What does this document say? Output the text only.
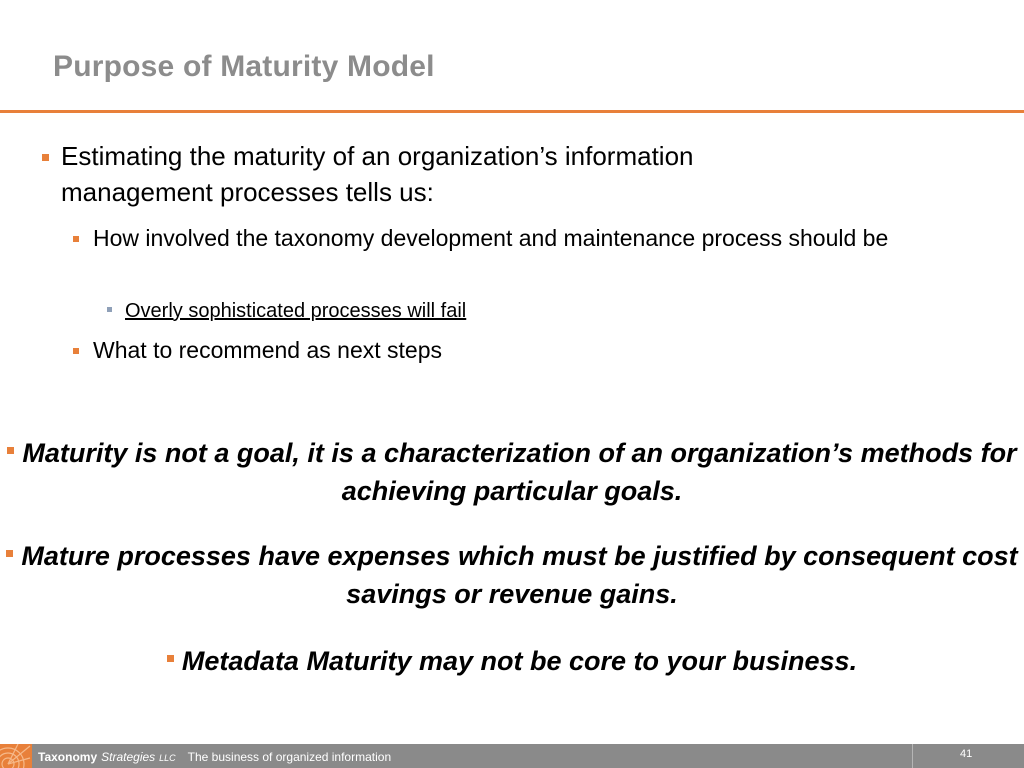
Purpose of Maturity Model
Estimating the maturity of an organization’s information management processes tells us:
How involved the taxonomy development and maintenance process should be
Overly sophisticated processes will fail
What to recommend as next steps
Maturity is not a goal, it is a characterization of an organization’s methods for achieving particular goals.
Mature processes have expenses which must be justified by consequent cost savings or revenue gains.
Metadata Maturity may not be core to your business.
Taxonomy Strategies LLC The business of organized information	41
